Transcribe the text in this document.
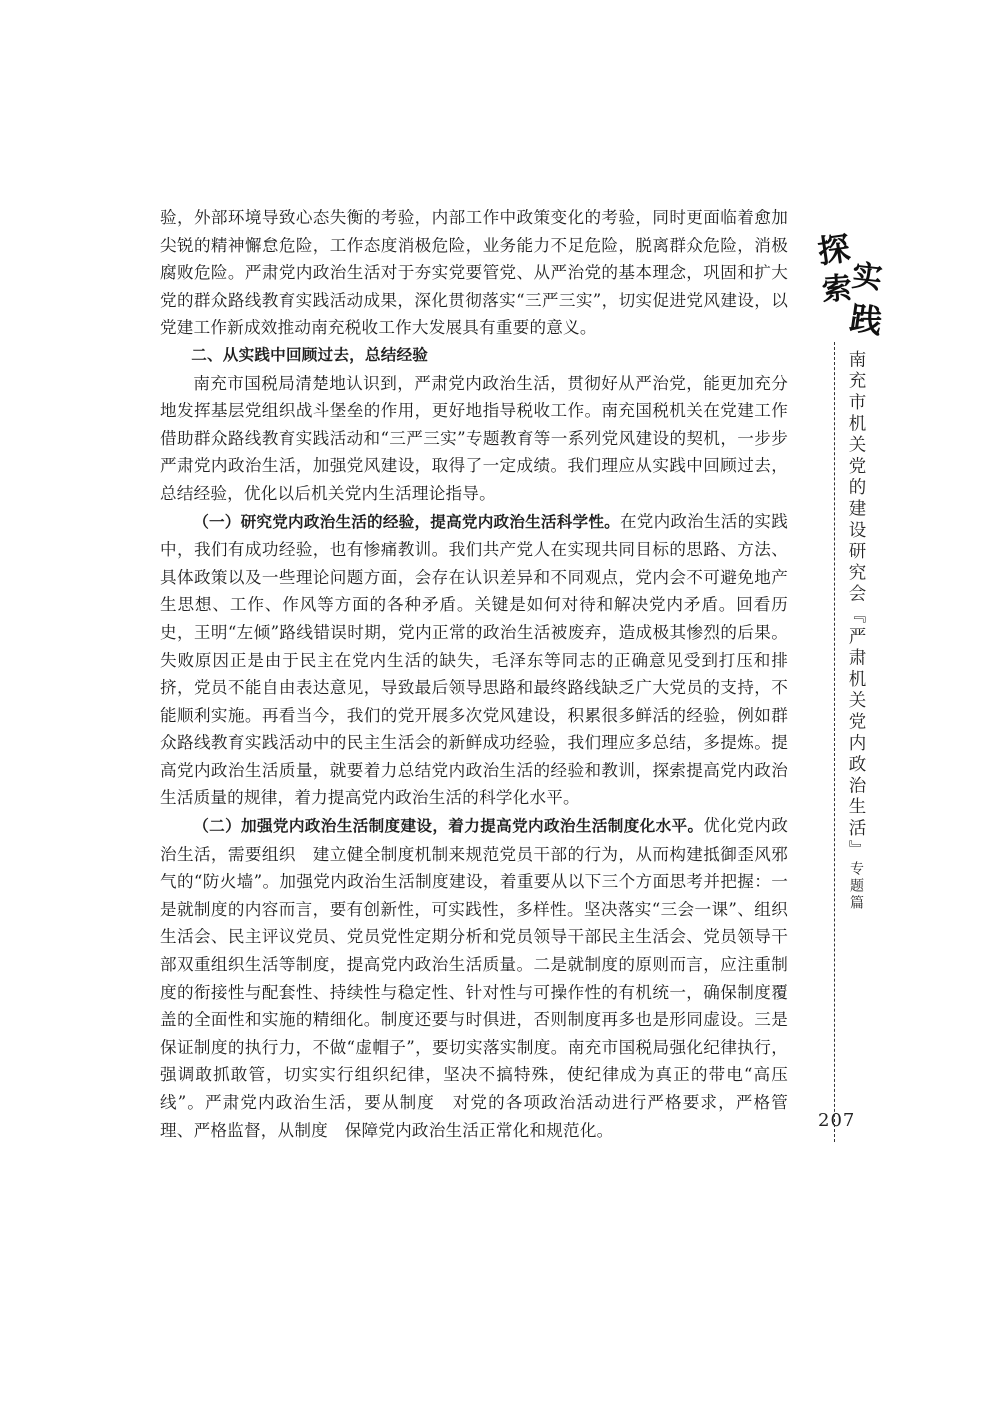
验，外部环境导致心态失衡的考验，内部工作中政策变化的考验，同时更面临着愈加尖锐的精神懈怠危险，工作态度消极危险，业务能力不足危险，脱离群众危险，消极腐败危险。严肃党内政治生活对于夯实党要管党、从严治党的基本理念，巩固和扩大党的群众路线教育实践活动成果，深化贯彻落实“三严三实”，切实促进党风建设，以党建工作新成效推动南充税收工作大发展具有重要的意义。

二、从实践中回顾过去，总结经验

南充市国税局清楚地认识到，严肃党内政治生活，贯彻好从严治党，能更加充分地发挥基层党组织战斗堡垒的作用，更好地指导税收工作。南充国税机关在党建工作　借助群众路线教育实践活动和“三严三实”专题教育等一系列党风建设的契机，一步步严肃党内政治生活，加强党风建设，取得了一定成绩。我们理应从实践中回顾过去，总结经验，优化以后机关党内生活理论指导。

（一）研究党内政治生活的经验，提高党内政治生活科学性。在党内政治生活的实践中，我们有成功经验，也有惨痛教训。我们共产党人在实现共同目标的思路、方法、具体政策以及一些理论问题方面，会存在认识差异和不同观点，党内会不可避免地产生思想、工作、作风等方面的各种矛盾。关键是如何对待和解决党内矛盾。回看历史，王明“左倾”路线错误时期，党内正常的政治生活被废弃，造成极其惨烈的后果。失败原因正是由于民主在党内生活的缺失，毛泽东等同志的正确意见受到打压和排挤，党员不能自由表达意见，导致最后领导思路和最终路线缺乏广大党员的支持，不能顺利实施。再看当今，我们的党开展多次党风建设，积累很多鲜活的经验，例如群众路线教育实践活动中的民主生活会的新鲜成功经验，我们理应多总结，多提炼。提高党内政治生活质量，就要着力总结党内政治生活的经验和教训，探索提高党内政治生活质量的规律，着力提高党内政治生活的科学化水平。

（二）加强党内政治生活制度建设，着力提高党内政治生活制度化水平。优化党内政治生活，需要组织　建立健全制度机制来规范党员干部的行为，从而构建抵御歪风邪气的“防火墙”。加强党内政治生活制度建设，着重要从以下三个方面思考并把握：一是就制度的内容而言，要有创新性，可实践性，多样性。坚决落实“三会一课”、组织生活会、民主评议党员、党员党性定期分析和党员领导干部民主生活会、党员领导干部双重组织生活等制度，提高党内政治生活质量。二是就制度的原则而言，应注重制度的衔接性与配套性、持续性与稳定性、针对性与可操作性的有机统一，确保制度覆盖的全面性和实施的精细化。制度还要与时俱进，否则制度再多也是形同虚设。三是保证制度的执行力，不做“虚帽子”，要切实落实制度。南充市国税局强化纪律执行，强调敢抓敢管，切实实行组织纪律，坚决不搞特殊，使纪律成为真正的带电“高压线”。严肃党内政治生活，要从制度　对党的各项政治活动进行严格要求，严格管理、严格监督，从制度　保障党内政治生活正常化和规范化。

探
实
索
践
南充市机关党的建设研究会『严肃机关党内政治生活』专题篇
207
